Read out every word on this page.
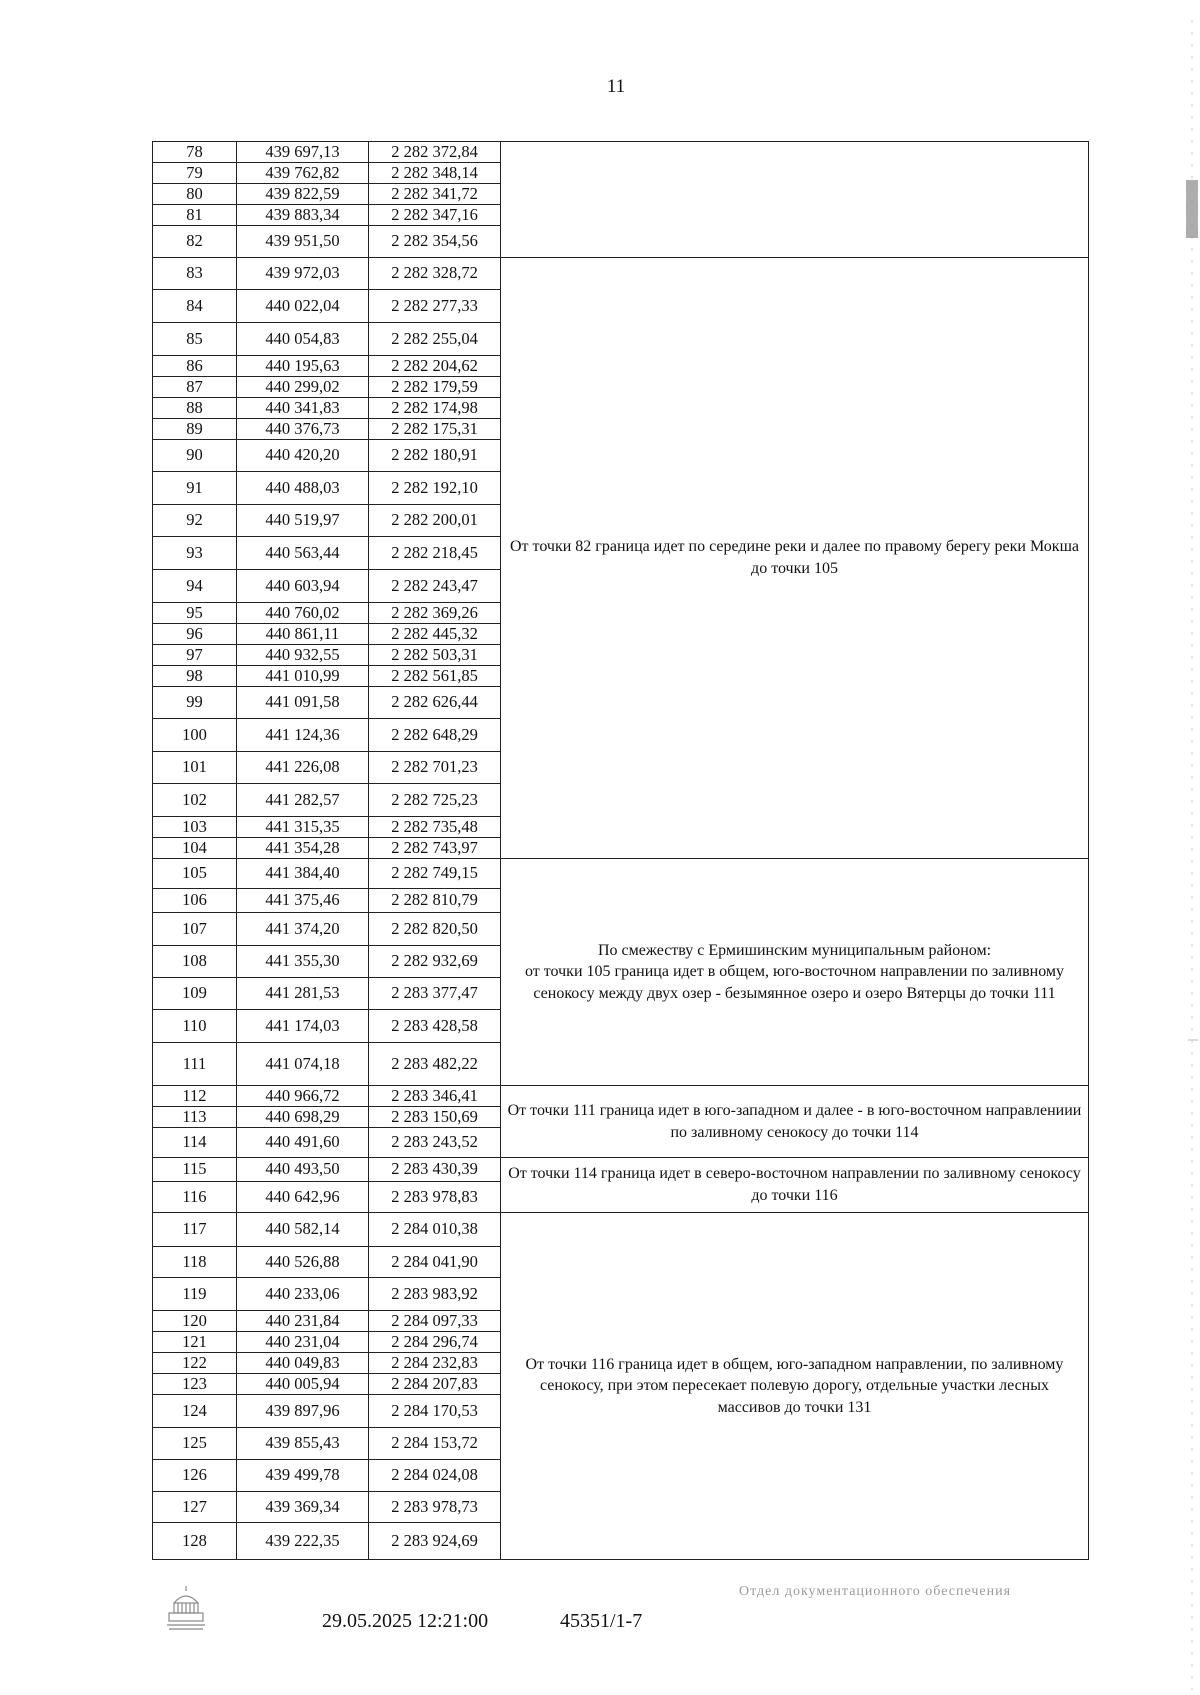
11
78	439 697,13	2 282 372,84	
79	439 762,82	2 282 348,14	
80	439 822,59	2 282 341,72	
81	439 883,34	2 282 347,16	
82	439 951,50	2 282 354,56	
83	439 972,03	2 282 328,72	От точки 82 граница идет по середине реки и далее по правому берегу реки Мокша до точки 105
84	440 022,04	2 282 277,33	
85	440 054,83	2 282 255,04	
86	440 195,63	2 282 204,62	
87	440 299,02	2 282 179,59	
88	440 341,83	2 282 174,98	
89	440 376,73	2 282 175,31	
90	440 420,20	2 282 180,91	
91	440 488,03	2 282 192,10	
92	440 519,97	2 282 200,01	
93	440 563,44	2 282 218,45	
94	440 603,94	2 282 243,47	
95	440 760,02	2 282 369,26	
96	440 861,11	2 282 445,32	
97	440 932,55	2 282 503,31	
98	441 010,99	2 282 561,85	
99	441 091,58	2 282 626,44	
100	441 124,36	2 282 648,29	
101	441 226,08	2 282 701,23	
102	441 282,57	2 282 725,23	
103	441 315,35	2 282 735,48	
104	441 354,28	2 282 743,97	
105	441 384,40	2 282 749,15	По смежеству с Ермишинским муниципальным районом:
от точки 105 граница идет в общем, юго-восточном направлении по заливному сенокосу между двух озер - безымянное озеро и озеро Вятерцы до точки 111
106	441 375,46	2 282 810,79	
107	441 374,20	2 282 820,50	
108	441 355,30	2 282 932,69	
109	441 281,53	2 283 377,47	
110	441 174,03	2 283 428,58	
111	441 074,18	2 283 482,22	
112	440 966,72	2 283 346,41	От точки 111 граница идет в юго-западном и далее - в юго-восточном направлениии по заливному сенокосу до точки 114
113	440 698,29	2 283 150,69	
114	440 491,60	2 283 243,52	
115	440 493,50	2 283 430,39	От точки 114 граница идет в северо-восточном направлении по заливному сенокосу до точки 116
116	440 642,96	2 283 978,83	
117	440 582,14	2 284 010,38	От точки 116 граница идет в общем, юго-западном направлении, по заливному сенокосу, при этом пересекает полевую дорогу, отдельные участки лесных массивов до точки 131
118	440 526,88	2 284 041,90	
119	440 233,06	2 283 983,92	
120	440 231,84	2 284 097,33	
121	440 231,04	2 284 296,74	
122	440 049,83	2 284 232,83	
123	440 005,94	2 284 207,83	
124	439 897,96	2 284 170,53	
125	439 855,43	2 284 153,72	
126	439 499,78	2 284 024,08	
127	439 369,34	2 283 978,73	
128	439 222,35	2 283 924,69	
29.05.2025 12:21:00	45351/1-7
Отдел документационного обеспечения
